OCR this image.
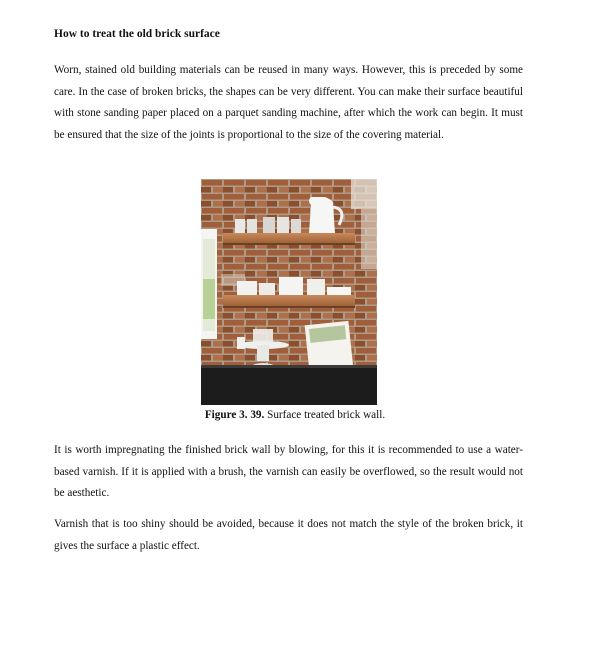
How to treat the old brick surface

Worn, stained old building materials can be reused in many ways. However, this is preceded by some care. In the case of broken bricks, the shapes can be very different. You can make their surface beautiful with stone sanding paper placed on a parquet sanding machine, after which the work can begin. It must be ensured that the size of the joints is proportional to the size of the covering material.

Figure 3. 39. Surface treated brick wall.

It is worth impregnating the finished brick wall by blowing, for this it is recommended to use a water-based varnish. If it is applied with a brush, the varnish can easily be overflowed, so the result would not be aesthetic.

Varnish that is too shiny should be avoided, because it does not match the style of the broken brick, it gives the surface a plastic effect.
